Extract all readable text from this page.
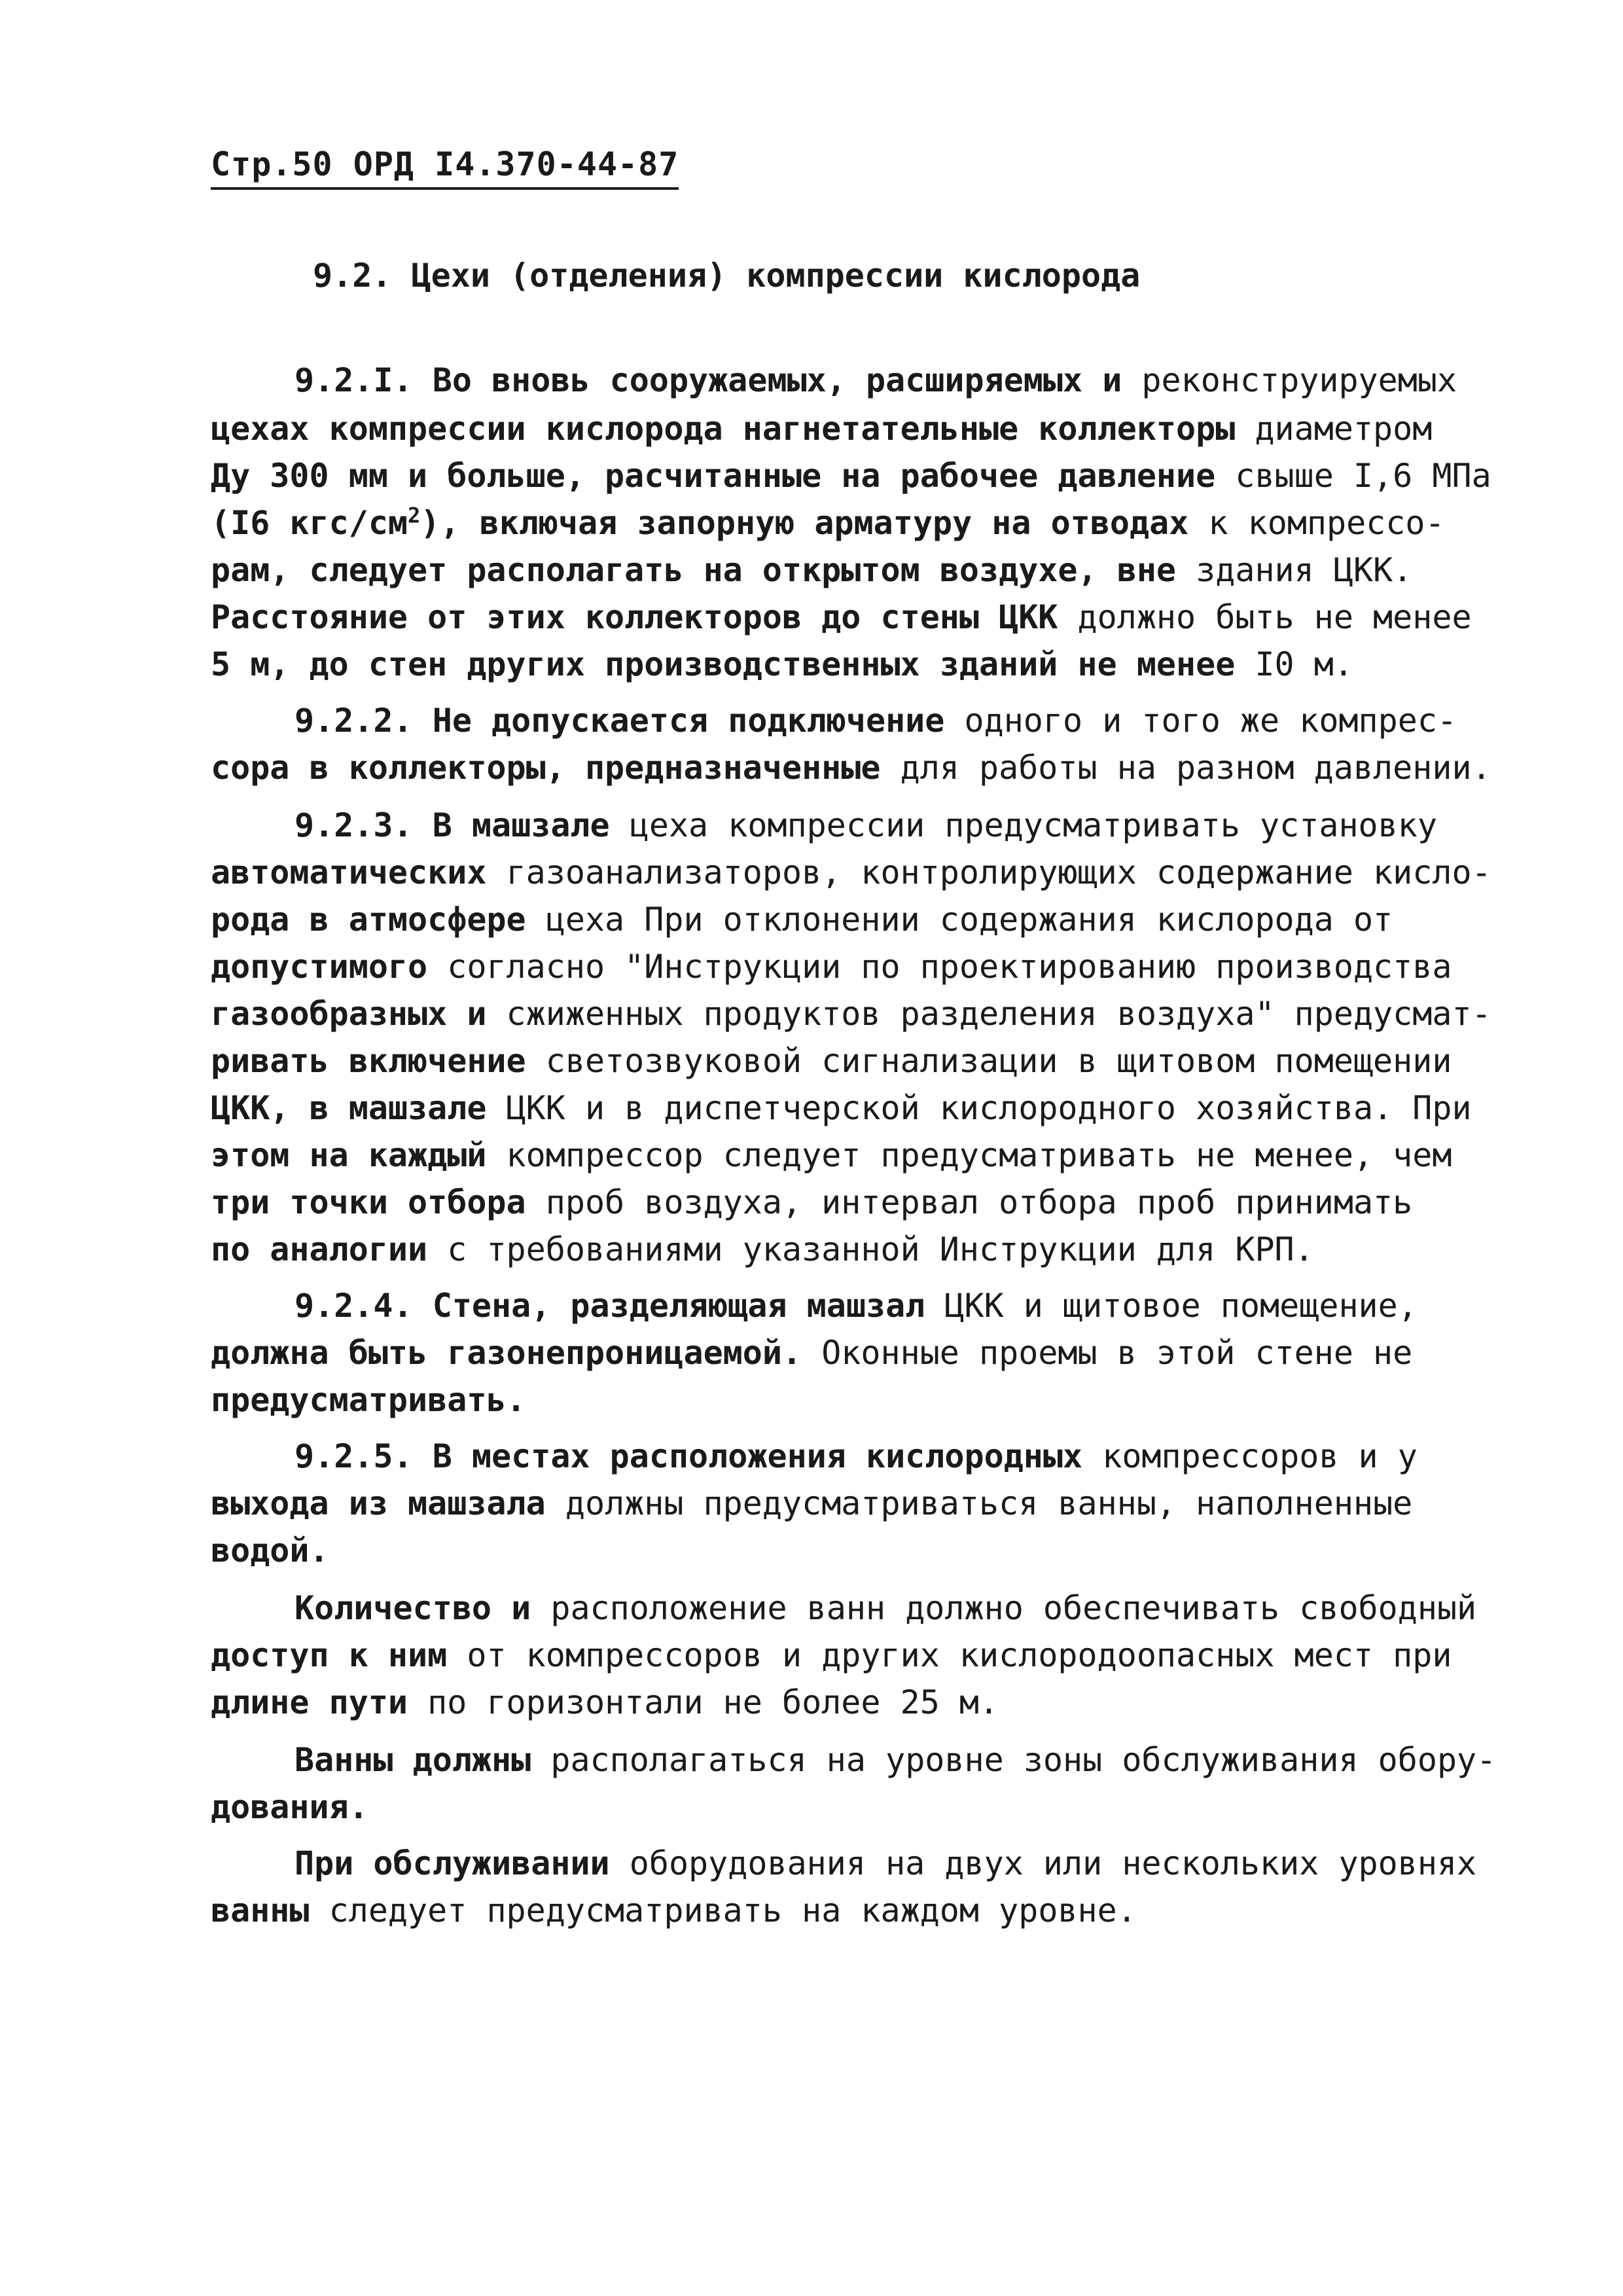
Стр.50 ОРД I4.370-44-87
9.2. Цехи (отделения) компрессии кислорода
9.2.I. Во вновь сооружаемых, расширяемых и реконструируемых
цехах компрессии кислорода нагнетательные коллекторы диаметром
Ду 300 мм и больше, расчитанные на рабочее давление свыше I,6 МПа
(I6 кгс/$см^2$), включая запорную арматуру на отводах к компрессо-
рам, следует располагать на открытом воздухе, вне здания ЦКК.
Расстояние от этих коллекторов до стены ЦКК должно быть не менее
5 м, до стен других производственных зданий не менее I0 м.
9.2.2. Не допускается подключение одного и того же компрес-
сора в коллекторы, предназначенные для работы на разном давлении.
9.2.3. В машзале цеха компрессии предусматривать установку
автоматических газоанализаторов, контролирующих содержание кисло-
рода в атмосфере цеха При отклонении содержания кислорода от
допустимого согласно "Инструкции по проектированию производства
газообразных и сжиженных продуктов разделения воздуха" предусмат-
ривать включение светозвуковой сигнализации в щитовом помещении
ЦКК, в машзале ЦКК и в диспетчерской кислородного хозяйства. При
этом на каждый компрессор следует предусматривать не менее, чем
три точки отбора проб воздуха, интервал отбора проб принимать
по аналогии с требованиями указанной Инструкции для КРП.
9.2.4. Стена, разделяющая машзал ЦКК и щитовое помещение,
должна быть газонепроницаемой. Оконные проемы в этой стене не
предусматривать.
9.2.5. В местах расположения кислородных компрессоров и у
выхода из машзала должны предусматриваться ванны, наполненные
водой.
Количество и расположение ванн должно обеспечивать свободный
доступ к ним от компрессоров и других кислородоопасных мест при
длине пути по горизонтали не более 25 м.
Ванны должны располагаться на уровне зоны обслуживания обору-
дования.
При обслуживании оборудования на двух или нескольких уровнях
ванны следует предусматривать на каждом уровне.
